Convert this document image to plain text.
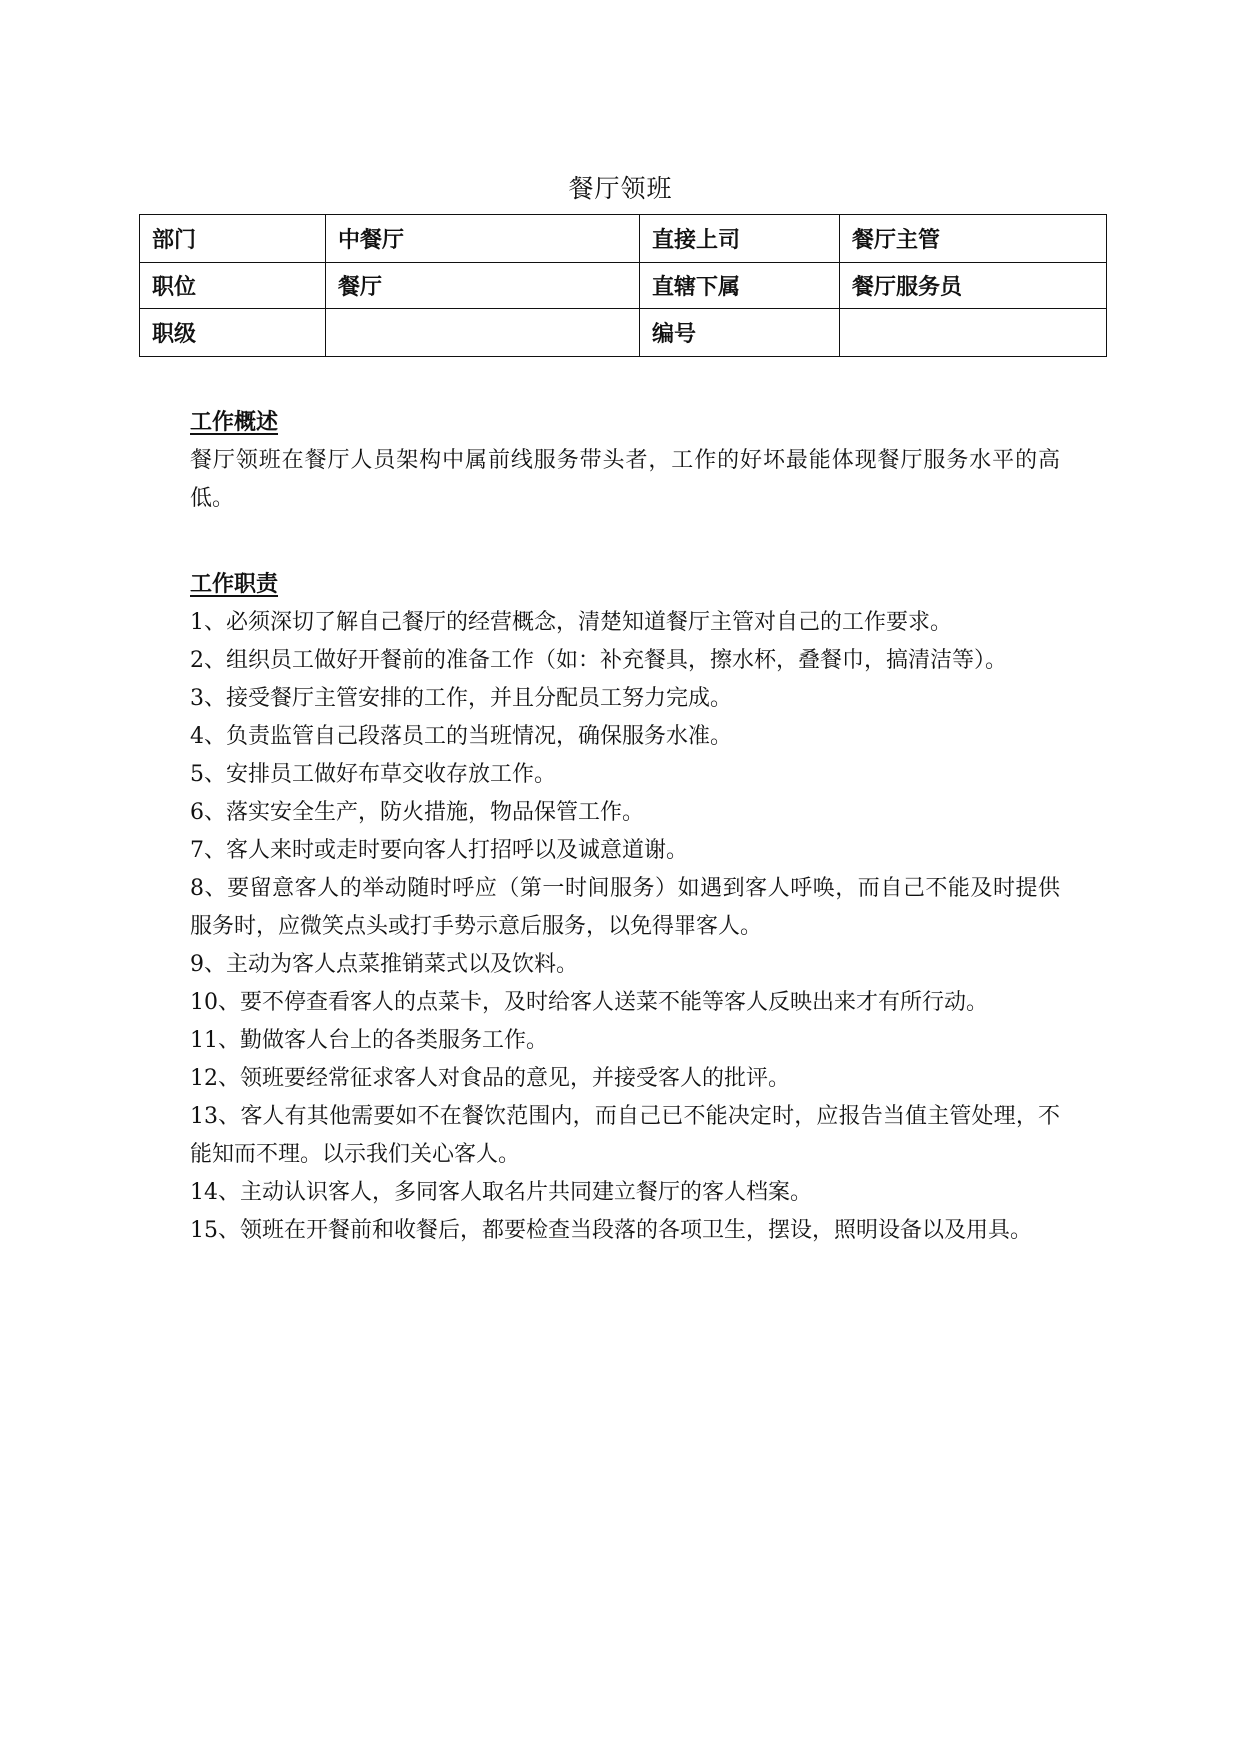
餐厅领班
部门	中餐厅	直接上司	餐厅主管
职位	餐厅	直辖下属	餐厅服务员
职级		编号	
工作概述
餐厅领班在餐厅人员架构中属前线服务带头者，工作的好坏最能体现餐厅服务水平的高低。
工作职责
1、必须深切了解自己餐厅的经营概念，清楚知道餐厅主管对自己的工作要求。
2、组织员工做好开餐前的准备工作（如：补充餐具，擦水杯，叠餐巾，搞清洁等）。
3、接受餐厅主管安排的工作，并且分配员工努力完成。
4、负责监管自己段落员工的当班情况，确保服务水准。
5、安排员工做好布草交收存放工作。
6、落实安全生产，防火措施，物品保管工作。
7、客人来时或走时要向客人打招呼以及诚意道谢。
8、要留意客人的举动随时呼应（第一时间服务）如遇到客人呼唤，而自己不能及时提供服务时，应微笑点头或打手势示意后服务，以免得罪客人。
9、主动为客人点菜推销菜式以及饮料。
10、要不停查看客人的点菜卡，及时给客人送菜不能等客人反映出来才有所行动。
11、勤做客人台上的各类服务工作。
12、领班要经常征求客人对食品的意见，并接受客人的批评。
13、客人有其他需要如不在餐饮范围内，而自己已不能决定时，应报告当值主管处理，不能知而不理。以示我们关心客人。
14、主动认识客人，多同客人取名片共同建立餐厅的客人档案。
15、领班在开餐前和收餐后，都要检查当段落的各项卫生，摆设，照明设备以及用具。
